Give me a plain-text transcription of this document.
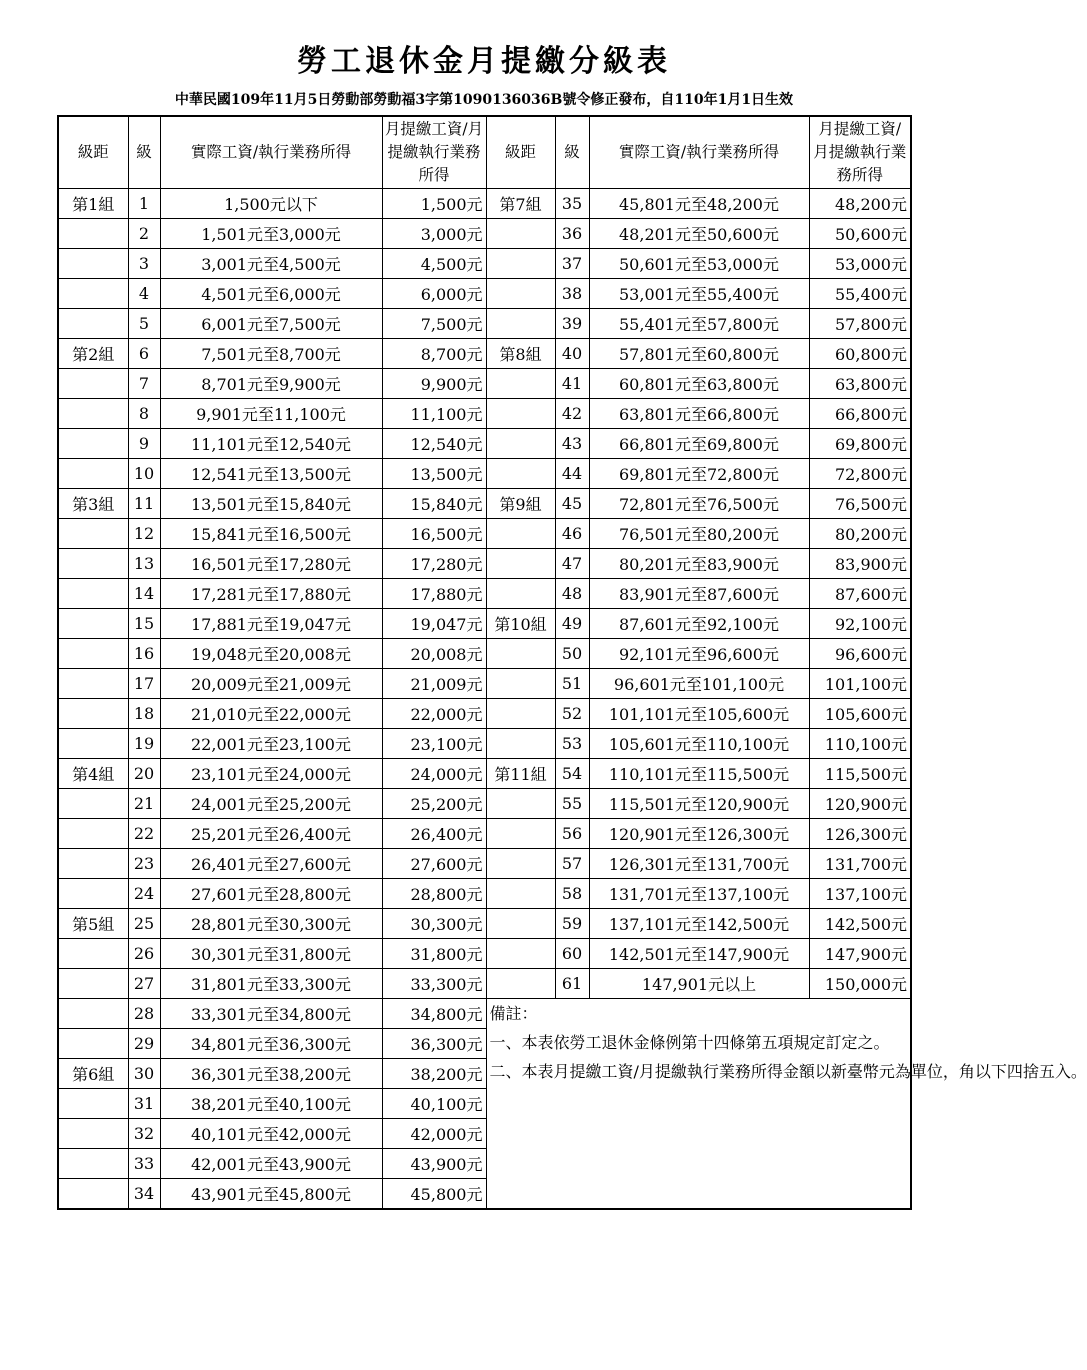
勞工退休金月提繳分級表
中華民國109年11月5日勞動部勞動福3字第1090136036B號令修正發布，自110年1月1日生效
級距	級	實際工資/執行業務所得	月提繳工資/月提繳執行業務所得	級距	級	實際工資/執行業務所得	月提繳工資/月提繳執行業務所得
第1組	1	1,500元以下	1,500元	第7組	35	45,801元至48,200元	48,200元
	2	1,501元至3,000元	3,000元		36	48,201元至50,600元	50,600元
	3	3,001元至4,500元	4,500元		37	50,601元至53,000元	53,000元
	4	4,501元至6,000元	6,000元		38	53,001元至55,400元	55,400元
	5	6,001元至7,500元	7,500元		39	55,401元至57,800元	57,800元
第2組	6	7,501元至8,700元	8,700元	第8組	40	57,801元至60,800元	60,800元
	7	8,701元至9,900元	9,900元		41	60,801元至63,800元	63,800元
	8	9,901元至11,100元	11,100元		42	63,801元至66,800元	66,800元
	9	11,101元至12,540元	12,540元		43	66,801元至69,800元	69,800元
	10	12,541元至13,500元	13,500元		44	69,801元至72,800元	72,800元
第3組	11	13,501元至15,840元	15,840元	第9組	45	72,801元至76,500元	76,500元
	12	15,841元至16,500元	16,500元		46	76,501元至80,200元	80,200元
	13	16,501元至17,280元	17,280元		47	80,201元至83,900元	83,900元
	14	17,281元至17,880元	17,880元		48	83,901元至87,600元	87,600元
	15	17,881元至19,047元	19,047元	第10組	49	87,601元至92,100元	92,100元
	16	19,048元至20,008元	20,008元		50	92,101元至96,600元	96,600元
	17	20,009元至21,009元	21,009元		51	96,601元至101,100元	101,100元
	18	21,010元至22,000元	22,000元		52	101,101元至105,600元	105,600元
	19	22,001元至23,100元	23,100元		53	105,601元至110,100元	110,100元
第4組	20	23,101元至24,000元	24,000元	第11組	54	110,101元至115,500元	115,500元
	21	24,001元至25,200元	25,200元		55	115,501元至120,900元	120,900元
	22	25,201元至26,400元	26,400元		56	120,901元至126,300元	126,300元
	23	26,401元至27,600元	27,600元		57	126,301元至131,700元	131,700元
	24	27,601元至28,800元	28,800元		58	131,701元至137,100元	137,100元
第5組	25	28,801元至30,300元	30,300元		59	137,101元至142,500元	142,500元
	26	30,301元至31,800元	31,800元		60	142,501元至147,900元	147,900元
	27	31,801元至33,300元	33,300元		61	147,901元以上	150,000元
	28	33,301元至34,800元	34,800元	備註：
一、本表依勞工退休金條例第十四條第五項規定訂定之。
二、本表月提繳工資/月提繳執行業務所得金額以新臺幣元為單位，角以下四捨五入。			

	29	34,801元至36,300元	36,300元				
第6組	30	36,301元至38,200元	38,200元				
	31	38,201元至40,100元	40,100元				
	32	40,101元至42,000元	42,000元				
	33	42,001元至43,900元	43,900元				
	34	43,901元至45,800元	45,800元				
